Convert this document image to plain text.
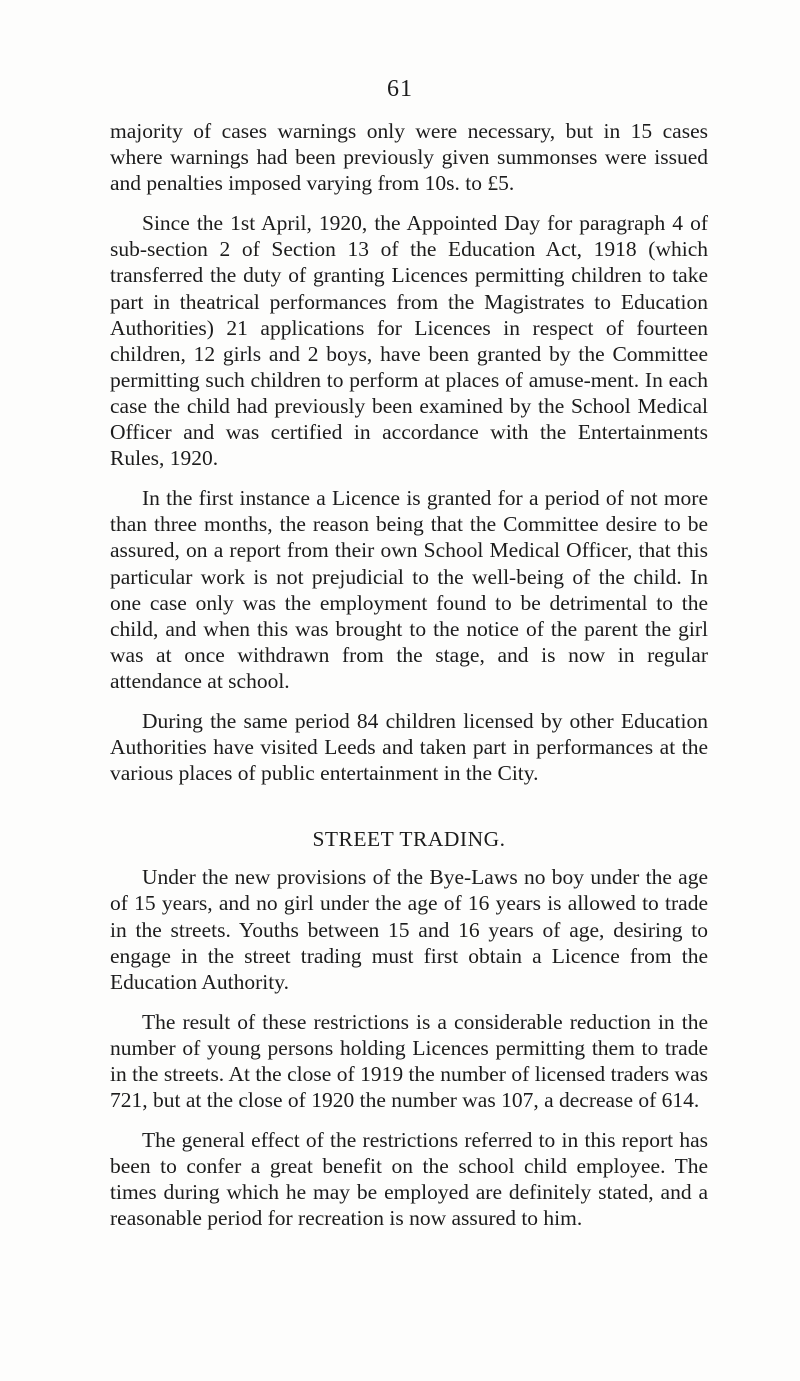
61

majority of cases warnings only were necessary, but in 15 cases where warnings had been previously given summonses were issued and penalties imposed varying from 10s. to £5.

Since the 1st April, 1920, the Appointed Day for paragraph 4 of sub-section 2 of Section 13 of the Education Act, 1918 (which transferred the duty of granting Licences permitting children to take part in theatrical performances from the Magistrates to Education Authorities) 21 applications for Licences in respect of fourteen children, 12 girls and 2 boys, have been granted by the Committee permitting such children to perform at places of amuse-ment. In each case the child had previously been examined by the School Medical Officer and was certified in accordance with the Entertainments Rules, 1920.

In the first instance a Licence is granted for a period of not more than three months, the reason being that the Committee desire to be assured, on a report from their own School Medical Officer, that this particular work is not prejudicial to the well-being of the child. In one case only was the employment found to be detrimental to the child, and when this was brought to the notice of the parent the girl was at once withdrawn from the stage, and is now in regular attendance at school.

During the same period 84 children licensed by other Education Authorities have visited Leeds and taken part in performances at the various places of public entertainment in the City.

STREET TRADING.

Under the new provisions of the Bye-Laws no boy under the age of 15 years, and no girl under the age of 16 years is allowed to trade in the streets. Youths between 15 and 16 years of age, desiring to engage in the street trading must first obtain a Licence from the Education Authority.

The result of these restrictions is a considerable reduction in the number of young persons holding Licences permitting them to trade in the streets. At the close of 1919 the number of licensed traders was 721, but at the close of 1920 the number was 107, a decrease of 614.

The general effect of the restrictions referred to in this report has been to confer a great benefit on the school child employee. The times during which he may be employed are definitely stated, and a reasonable period for recreation is now assured to him.
